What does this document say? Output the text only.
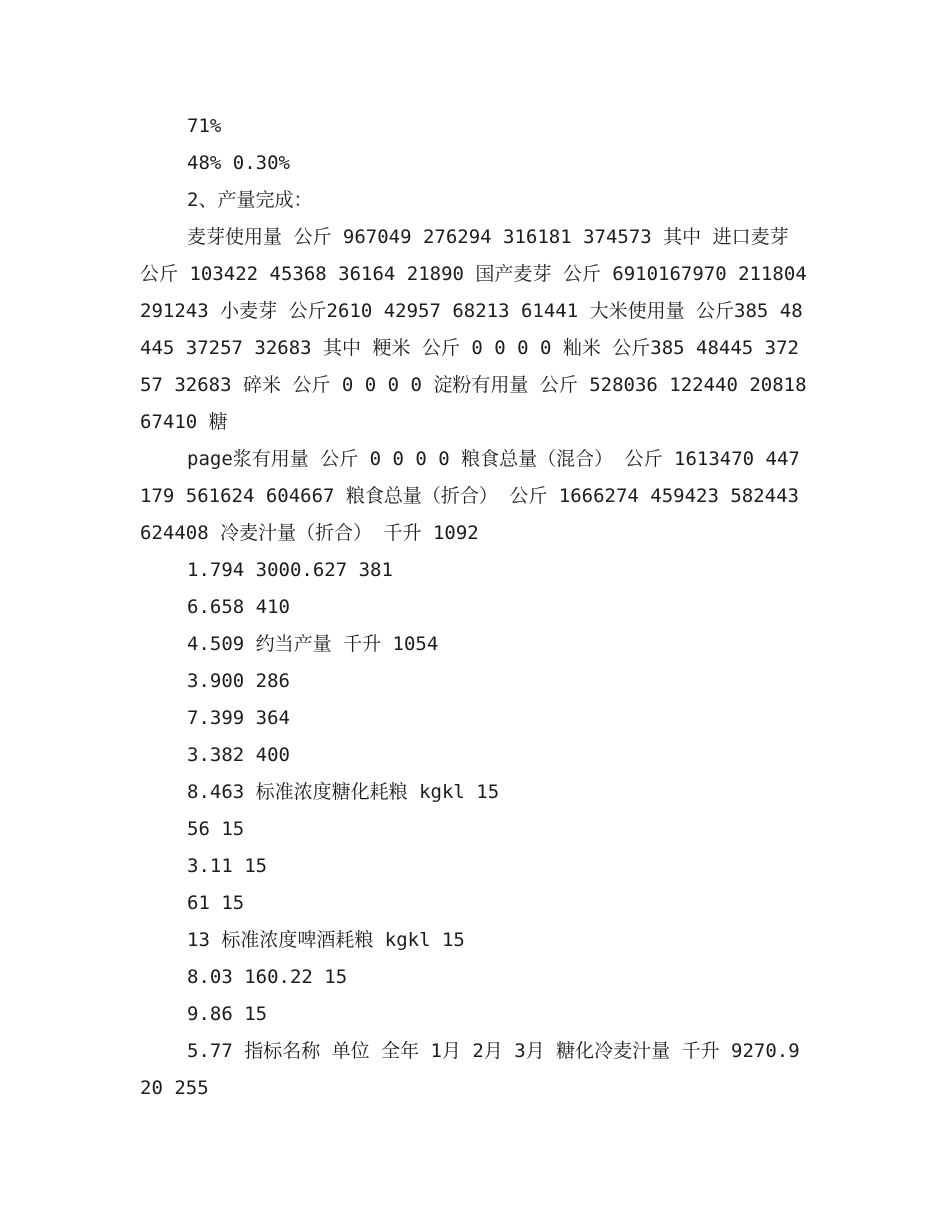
71%

48% 0.30%

2、产量完成：

麦芽使用量 公斤 967049 276294 316181 374573 其中 进口麦芽 公斤 103422 45368 36164 21890 国产麦芽 公斤 6910167970 211804 291243 小麦芽 公斤2610 42957 68213 61441 大米使用量 公斤385 48445 37257 32683 其中 粳米 公斤 0 0 0 0 籼米 公斤385 48445 37257 32683 碎米 公斤 0 0 0 0 淀粉有用量 公斤 528036 122440 2081867410 糖

page浆有用量 公斤 0 0 0 0 粮食总量（混合） 公斤 1613470 447179 561624 604667 粮食总量（折合） 公斤 1666274 459423 582443 624408 冷麦汁量（折合） 千升 1092

1.794 3000.627 381

6.658 410

4.509 约当产量 千升 1054

3.900 286

7.399 364

3.382 400

8.463 标准浓度糖化耗粮 kgkl 15

56 15

3.11 15

61 15

13 标准浓度啤酒耗粮 kgkl 15

8.03 160.22 15

9.86 15

5.77 指标名称 单位 全年 1月 2月 3月 糖化冷麦汁量 千升 9270.920 255
